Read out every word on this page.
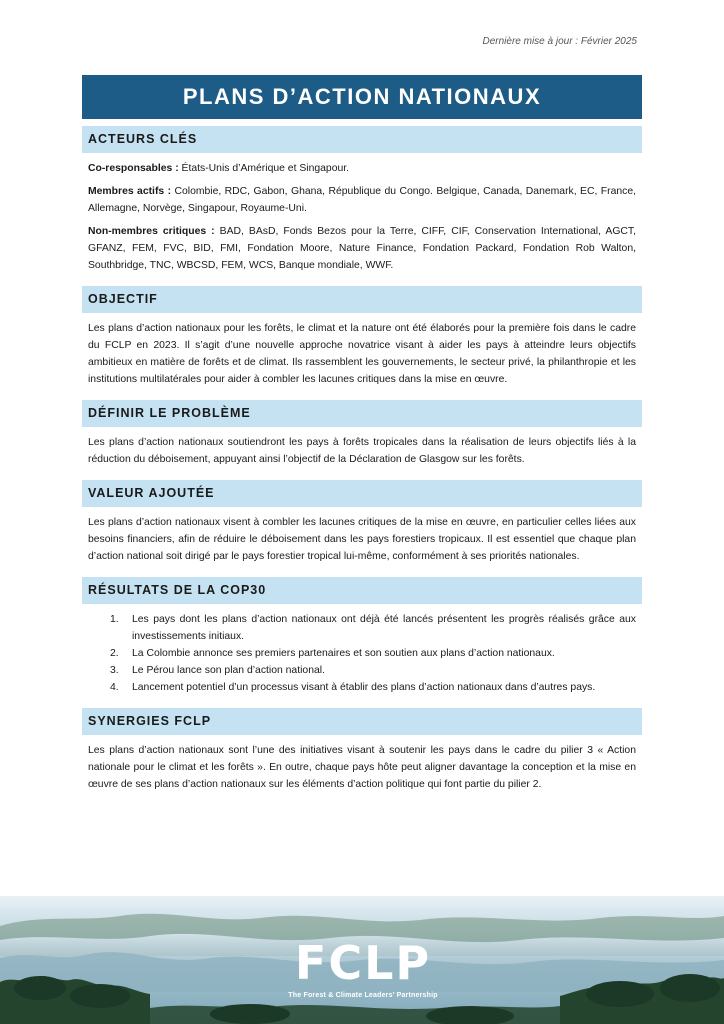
Dernière mise à jour : Février 2025
PLANS D’ACTION NATIONAUX
ACTEURS CLÉS

Co-responsables : États-Unis d’Amérique et Singapour.

Membres actifs : Colombie, RDC, Gabon, Ghana, République du Congo. Belgique, Canada, Danemark, EC, France, Allemagne, Norvège, Singapour, Royaume-Uni.

Non-membres critiques : BAD, BAsD, Fonds Bezos pour la Terre, CIFF, CIF, Conservation International, AGCT, GFANZ, FEM, FVC, BID, FMI, Fondation Moore, Nature Finance, Fondation Packard, Fondation Rob Walton, Southbridge, TNC, WBCSD, FEM, WCS, Banque mondiale, WWF.

OBJECTIF

Les plans d’action nationaux pour les forêts, le climat et la nature ont été élaborés pour la première fois dans le cadre du FCLP en 2023. Il s’agit d’une nouvelle approche novatrice visant à aider les pays à atteindre leurs objectifs ambitieux en matière de forêts et de climat. Ils rassemblent les gouvernements, le secteur privé, la philanthropie et les institutions multilatérales pour aider à combler les lacunes critiques dans la mise en œuvre.

DÉFINIR LE PROBLÈME

Les plans d’action nationaux soutiendront les pays à forêts tropicales dans la réalisation de leurs objectifs liés à la réduction du déboisement, appuyant ainsi l’objectif de la Déclaration de Glasgow sur les forêts.

VALEUR AJOUTÉE

Les plans d’action nationaux visent à combler les lacunes critiques de la mise en œuvre, en particulier celles liées aux besoins financiers, afin de réduire le déboisement dans les pays forestiers tropicaux. Il est essentiel que chaque plan d’action national soit dirigé par le pays forestier tropical lui-même, conformément à ses priorités nationales.

RÉSULTATS DE LA COP30
1. Les pays dont les plans d’action nationaux ont déjà été lancés présentent les progrès réalisés grâce aux investissements initiaux.
2. La Colombie annonce ses premiers partenaires et son soutien aux plans d’action nationaux.
3. Le Pérou lance son plan d’action national.
4. Lancement potentiel d’un processus visant à établir des plans d’action nationaux dans d’autres pays.
SYNERGIES FCLP

Les plans d’action nationaux sont l’une des initiatives visant à soutenir les pays dans le cadre du pilier 3 « Action nationale pour le climat et les forêts ». En outre, chaque pays hôte peut aligner davantage la conception et la mise en œuvre de ses plans d’action nationaux sur les éléments d’action politique qui font partie du pilier 2.

FCLP
The Forest & Climate Leaders’ Partnership
